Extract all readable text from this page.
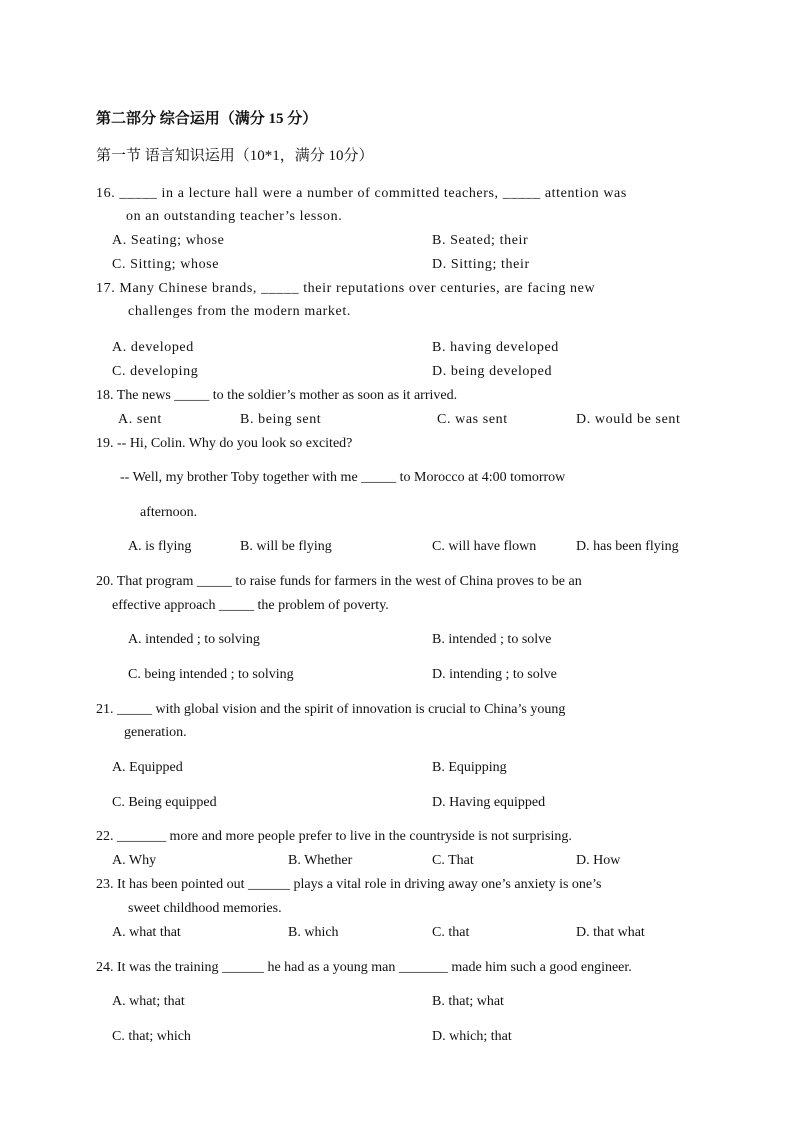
第二部分 综合运用（满分 15 分）
第一节 语言知识运用（10*1，满分 10分）
16. _____ in a lecture hall were a number of committed teachers, _____ attention was
on an outstanding teacher’s lesson.
A. Seating; whose	B. Seated; their
C. Sitting; whose	D. Sitting; their
17. Many Chinese brands, _____ their reputations over centuries, are facing new
challenges from the modern market.
A. developed	B. having developed
C. developing	D. being developed
18. The news _____ to the soldier’s mother as soon as it arrived.
A. sent	B. being sent	C. was sent	D. would be sent
19. -- Hi, Colin. Why do you look so excited?
-- Well, my brother Toby together with me _____ to Morocco at 4:00 tomorrow
afternoon.
A. is flying	B. will be flying	C. will have flown	D. has been flying
20. That program _____ to raise funds for farmers in the west of China proves to be an
effective approach _____ the problem of poverty.
A. intended ; to solving	B. intended ; to solve
C. being intended ; to solving	D. intending ; to solve
21. _____ with global vision and the spirit of innovation is crucial to China’s young
generation.
A. Equipped	B. Equipping
C. Being equipped	D. Having equipped
22. _______ more and more people prefer to live in the countryside is not surprising.
A. Why	B. Whether	C. That	D. How
23. It has been pointed out ______ plays a vital role in driving away one’s anxiety is one’s
sweet childhood memories.
A. what that	B. which	C. that	D. that what
24. It was the training ______ he had as a young man _______ made him such a good engineer.
A. what; that	B. that; what
C. that; which	D. which; that
